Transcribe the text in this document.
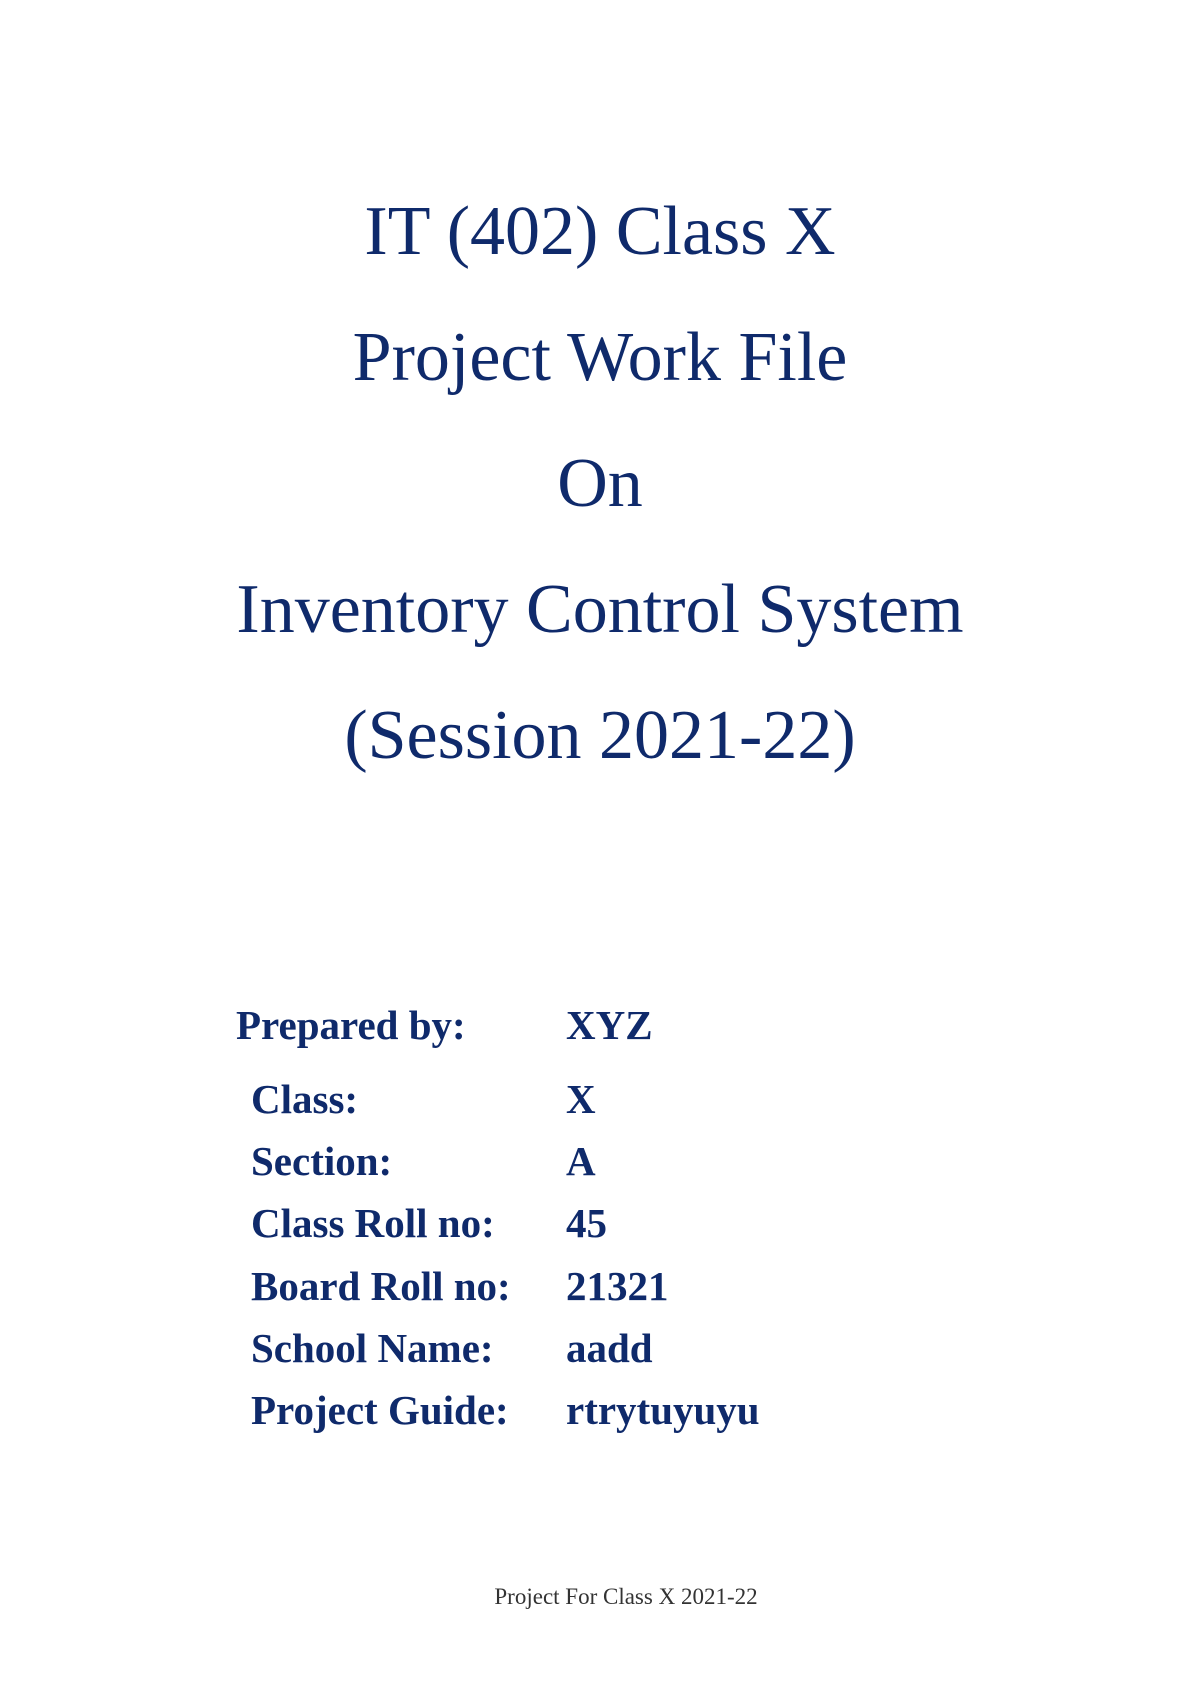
IT (402) Class X
Project Work File
On
Inventory Control System
(Session 2021-22)
Prepared by: XYZ
Class:	X
Section:	A
Class Roll no: 45
Board Roll no: 21321
School Name: aadd
Project Guide: rtrytuyuyu
Project For Class X 2021-22
